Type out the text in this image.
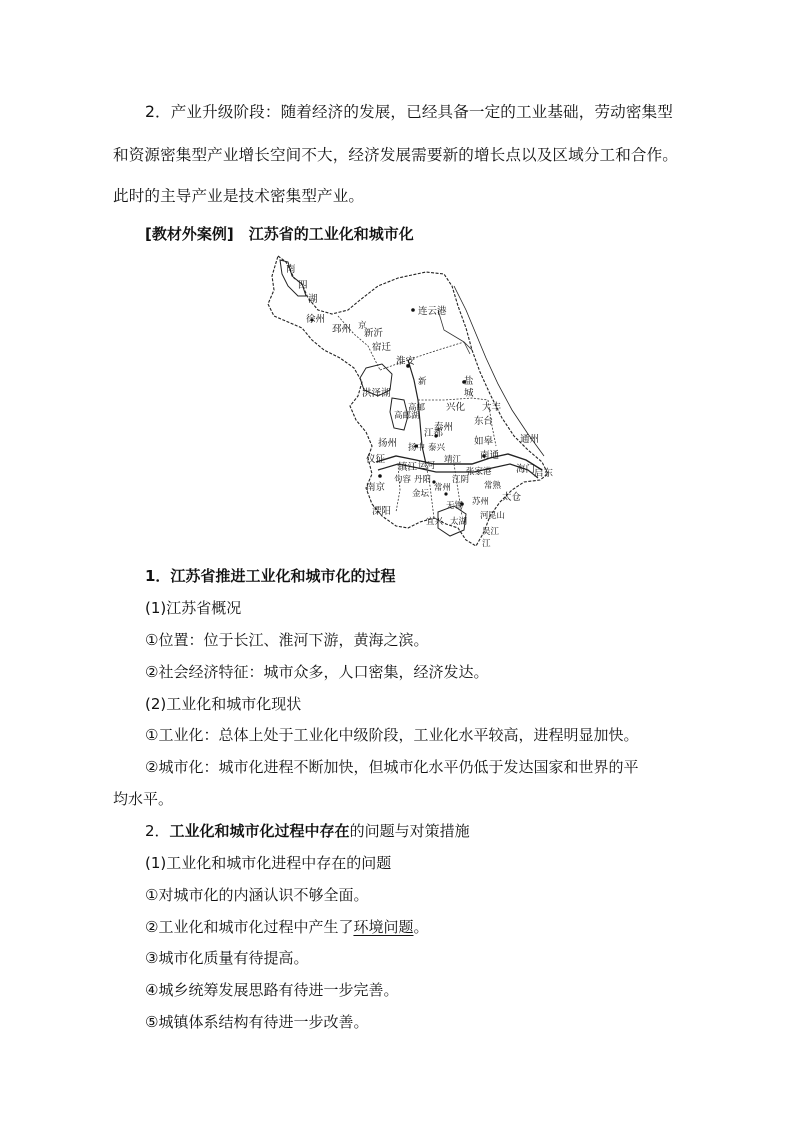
2．产业升级阶段：随着经济的发展，已经具备一定的工业基础，劳动密集型
和资源密集型产业增长空间不大，经济发展需要新的增长点以及区域分工和合作。
此时的主导产业是技术密集型产业。
[教材外案例]　江苏省的工业化和城市化
南
四
湖
徐州
邳州 京
新沂
连云港
宿迁
淮安
洪泽湖
新	盐
城
大丰
高邮
高邮湖
兴化
东台
泰州
江都
扬州
仪征
扬中 泰兴
如皋
南通
通州
海门
启东
靖江
镇江 运河
丹阳
句容
南京
金坛
常州
江阴
张家港
常熟
太仓
无锡 苏州
昆山
溧阳
宜兴 太湖
吴江
河
江
1．江苏省推进工业化和城市化的过程
(1)江苏省概况
①位置：位于长江、淮河下游，黄海之滨。
②社会经济特征：城市众多，人口密集，经济发达。
(2)工业化和城市化现状
①工业化：总体上处于工业化中级阶段，工业化水平较高，进程明显加快。
②城市化：城市化进程不断加快，但城市化水平仍低于发达国家和世界的平
均水平。
2．工业化和城市化过程中存在的问题与对策措施
(1)工业化和城市化进程中存在的问题
①对城市化的内涵认识不够全面。
②工业化和城市化过程中产生了环境问题。
③城市化质量有待提高。
④城乡统筹发展思路有待进一步完善。
⑤城镇体系结构有待进一步改善。
